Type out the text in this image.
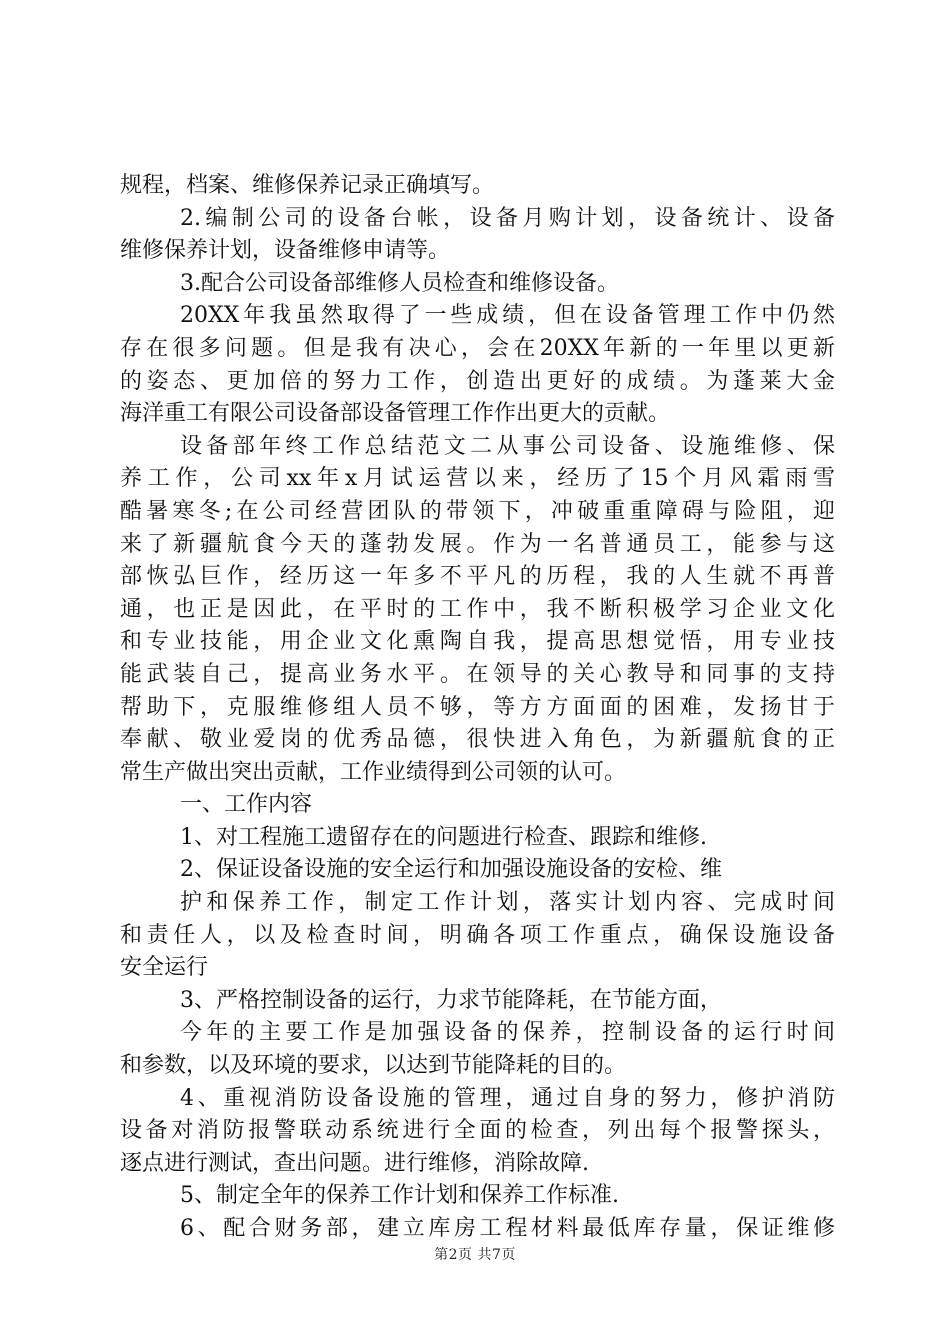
规程，档案、维修保养记录正确填写。
2.编制公司的设备台帐，设备月购计划，设备统计、设备
维修保养计划，设备维修申请等。
3.配合公司设备部维修人员检查和维修设备。
20XX年我虽然取得了一些成绩，但在设备管理工作中仍然
存在很多问题。但是我有决心，会在20XX年新的一年里以更新
的姿态、更加倍的努力工作，创造出更好的成绩。为蓬莱大金
海洋重工有限公司设备部设备管理工作作出更大的贡献。
设备部年终工作总结范文二从事公司设备、设施维修、保
养工作，公司xx年x月试运营以来，经历了15个月风霜雨雪
酷暑寒冬;在公司经营团队的带领下，冲破重重障碍与险阻，迎
来了新疆航食今天的蓬勃发展。作为一名普通员工，能参与这
部恢弘巨作，经历这一年多不平凡的历程，我的人生就不再普
通，也正是因此，在平时的工作中，我不断积极学习企业文化
和专业技能，用企业文化熏陶自我，提高思想觉悟，用专业技
能武装自己，提高业务水平。在领导的关心教导和同事的支持
帮助下，克服维修组人员不够，等方方面面的困难，发扬甘于
奉献、敬业爱岗的优秀品德，很快进入角色，为新疆航食的正
常生产做出突出贡献，工作业绩得到公司领的认可。
一、工作内容
1、对工程施工遗留存在的问题进行检查、跟踪和维修.
2、保证设备设施的安全运行和加强设施设备的安检、维
护和保养工作，制定工作计划，落实计划内容、完成时间
和责任人，以及检查时间，明确各项工作重点，确保设施设备
安全运行
3、严格控制设备的运行，力求节能降耗，在节能方面，
今年的主要工作是加强设备的保养，控制设备的运行时间
和参数，以及环境的要求，以达到节能降耗的目的。
4、重视消防设备设施的管理，通过自身的努力，修护消防
设备对消防报警联动系统进行全面的检查，列出每个报警探头，
逐点进行测试，查出问题。进行维修，消除故障.
5、制定全年的保养工作计划和保养工作标准.
6、配合财务部，建立库房工程材料最低库存量，保证维修
第2页 共7页
